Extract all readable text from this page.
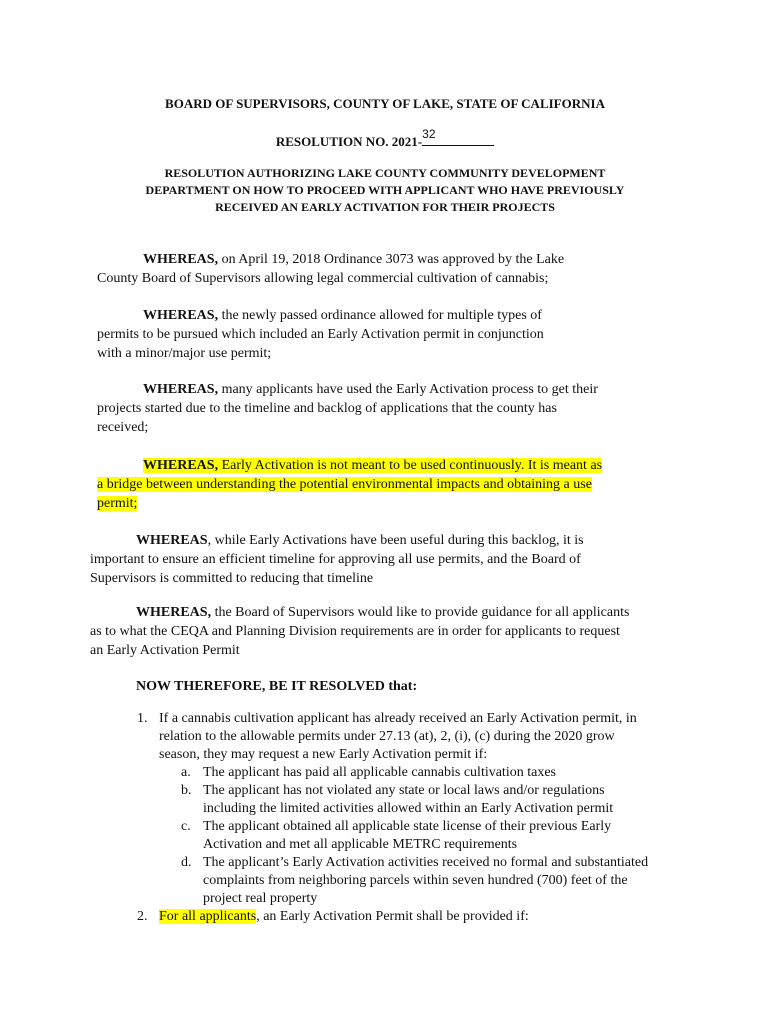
BOARD OF SUPERVISORS, COUNTY OF LAKE, STATE OF CALIFORNIA
RESOLUTION NO. 2021- 32
RESOLUTION AUTHORIZING LAKE COUNTY COMMUNITY DEVELOPMENT
DEPARTMENT ON HOW TO PROCEED WITH APPLICANT WHO HAVE PREVIOUSLY
RECEIVED AN EARLY ACTIVATION FOR THEIR PROJECTS
WHEREAS, on April 19, 2018 Ordinance 3073 was approved by the Lake
County Board of Supervisors allowing legal commercial cultivation of cannabis;
WHEREAS, the newly passed ordinance allowed for multiple types of
permits to be pursued which included an Early Activation permit in conjunction
with a minor/major use permit;
WHEREAS, many applicants have used the Early Activation process to get their
projects started due to the timeline and backlog of applications that the county has
received;
WHEREAS, Early Activation is not meant to be used continuously. It is meant as
a bridge between understanding the potential environmental impacts and obtaining a use
permit;
WHEREAS, while Early Activations have been useful during this backlog, it is
important to ensure an efficient timeline for approving all use permits, and the Board of
Supervisors is committed to reducing that timeline
WHEREAS, the Board of Supervisors would like to provide guidance for all applicants
as to what the CEQA and Planning Division requirements are in order for applicants to request
an Early Activation Permit
NOW THEREFORE, BE IT RESOLVED that:
1. If a cannabis cultivation applicant has already received an Early Activation permit, in
relation to the allowable permits under 27.13 (at), 2, (i), (c) during the 2020 grow
season, they may request a new Early Activation permit if:
a. The applicant has paid all applicable cannabis cultivation taxes
b. The applicant has not violated any state or local laws and/or regulations
including the limited activities allowed within an Early Activation permit
c. The applicant obtained all applicable state license of their previous Early
Activation and met all applicable METRC requirements
d. The applicant’s Early Activation activities received no formal and substantiated
complaints from neighboring parcels within seven hundred (700) feet of the
project real property
2. For all applicants, an Early Activation Permit shall be provided if:
